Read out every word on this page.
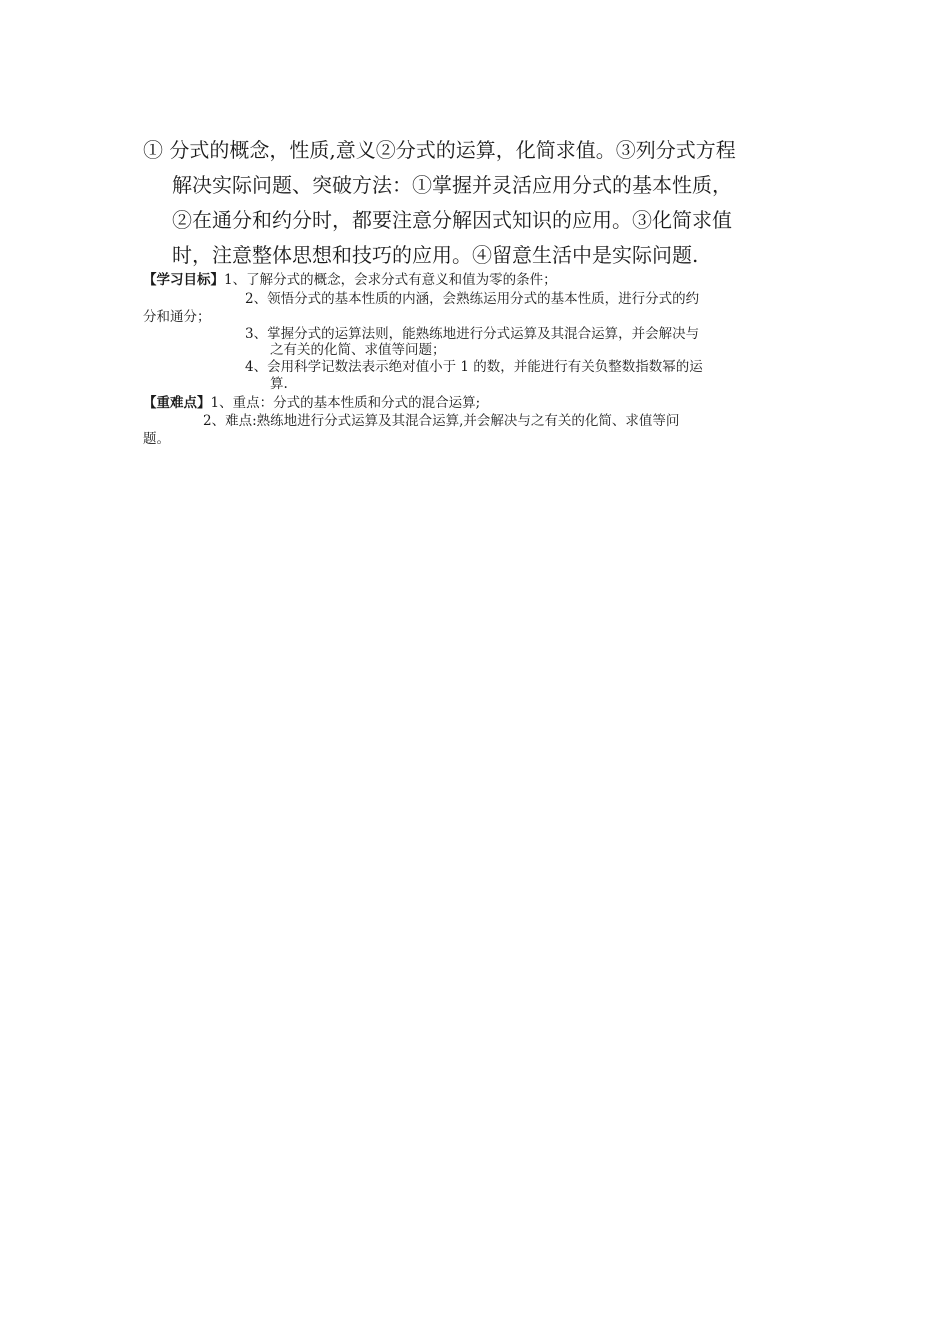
① 分式的概念，性质,意义②分式的运算，化简求值。③列分式方程
解决实际问题、突破方法：①掌握并灵活应用分式的基本性质，
②在通分和约分时，都要注意分解因式知识的应用。③化简求值
时，注意整体思想和技巧的应用。④留意生活中是实际问题.
【学习目标】1、了解分式的概念，会求分式有意义和值为零的条件；
2、领悟分式的基本性质的内涵，会熟练运用分式的基本性质，进行分式的约
分和通分；
3、掌握分式的运算法则，能熟练地进行分式运算及其混合运算，并会解决与
之有关的化简、求值等问题；
4、会用科学记数法表示绝对值小于 1 的数，并能进行有关负整数指数幂的运
算.
【重难点】1、重点：分式的基本性质和分式的混合运算;
2、难点:熟练地进行分式运算及其混合运算,并会解决与之有关的化简、求值等问
题。
